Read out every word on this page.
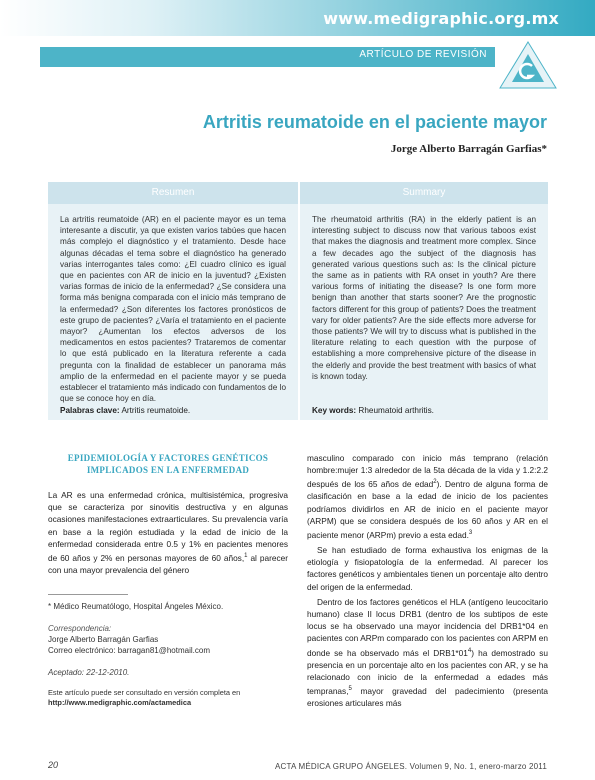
www.medigraphic.org.mx
ARTÍCULO DE REVISIÓN
Artritis reumatoide en el paciente mayor
Jorge Alberto Barragán Garfias*
Resumen
La artritis reumatoide (AR) en el paciente mayor es un tema interesante a discutir, ya que existen varios tabúes que hacen más complejo el diagnóstico y el tratamiento. Desde hace algunas décadas el tema sobre el diagnóstico ha generado varias interrogantes tales como: ¿El cuadro clínico es igual que en pacientes con AR de inicio en la juventud? ¿Existen varias formas de inicio de la enfermedad? ¿Se considera una forma más benigna comparada con el inicio más temprano de la enfermedad? ¿Son diferentes los factores pronósticos de este grupo de pacientes? ¿Varía el tratamiento en el paciente mayor? ¿Aumentan los efectos adversos de los medicamentos en estos pacientes? Trataremos de comentar lo que está publicado en la literatura referente a cada pregunta con la finalidad de establecer un panorama más amplio de la enfermedad en el paciente mayor y se pueda establecer el tratamiento más indicado con fundamentos de lo que se conoce hoy en día.
Palabras clave: Artritis reumatoide.
Summary
The rheumatoid arthritis (RA) in the elderly patient is an interesting subject to discuss now that various taboos exist that makes the diagnosis and treatment more complex. Since a few decades ago the subject of the diagnosis has generated various questions such as: Is the clinical picture the same as in patients with RA onset in youth? Are there various forms of initiating the disease? Is one form more benign than another that starts sooner? Are the prognostic factors different for this group of patients? Does the treatment vary for older patients? Are the side effects more adverse for those patients? We will try to discuss what is published in the literature relating to each question with the purpose of establishing a more comprehensive picture of the disease in the elderly and provide the best treatment with basics of what is known today.
Key words: Rheumatoid arthritis.
EPIDEMIOLOGÍA Y FACTORES GENÉTICOS
IMPLICADOS EN LA ENFERMEDAD
La AR es una enfermedad crónica, multisistémica, progresiva que se caracteriza por sinovitis destructiva y en algunas ocasiones manifestaciones extraarticulares. Su prevalencia varía en base a la región estudiada y la edad de inicio de la enfermedad considerada entre 0.5 y 1% en pacientes menores de 60 años y 2% en personas mayores de 60 años,$^1$ al parecer con una mayor prevalencia del género

masculino comparado con inicio más temprano (relación hombre:mujer 1:3 alrededor de la 5ta década de la vida y 1.2:2.2 después de los 65 años de edad$^2$). Dentro de alguna forma de clasificación en base a la edad de inicio de los pacientes podríamos dividirlos en AR de inicio en el paciente mayor (ARPM) que se considera después de los 60 años y AR en el paciente menor (ARPm) previo a esta edad.$^3$

Se han estudiado de forma exhaustiva los enigmas de la etiología y fisiopatología de la enfermedad. Al parecer los factores genéticos y ambientales tienen un porcentaje alto dentro del origen de la enfermedad.

Dentro de los factores genéticos el HLA (antígeno leucocitario humano) clase II locus DRB1 (dentro de los subtipos de este locus se ha observado una mayor incidencia del DRB1*04 en pacientes con ARPm comparado con los pacientes con ARPM en donde se ha observado más el $DRB1*01^4$) ha demostrado su presencia en un porcentaje alto en los pacientes con AR, y se ha relacionado con inicio de la enfermedad a edades más tempranas,$^5$ mayor gravedad del padecimiento (presenta erosiones articulares más

* Médico Reumatólogo, Hospital Ángeles México.
Correspondencia:
Jorge Alberto Barragán Garfias
Correo electrónico: barragan81@hotmail.com
Aceptado: 22-12-2010.
Este artículo puede ser consultado en versión completa en
http://www.medigraphic.com/actamedica
20	ACTA MÉDICA GRUPO ÁNGELES. Volumen 9, No. 1, enero-marzo 2011
